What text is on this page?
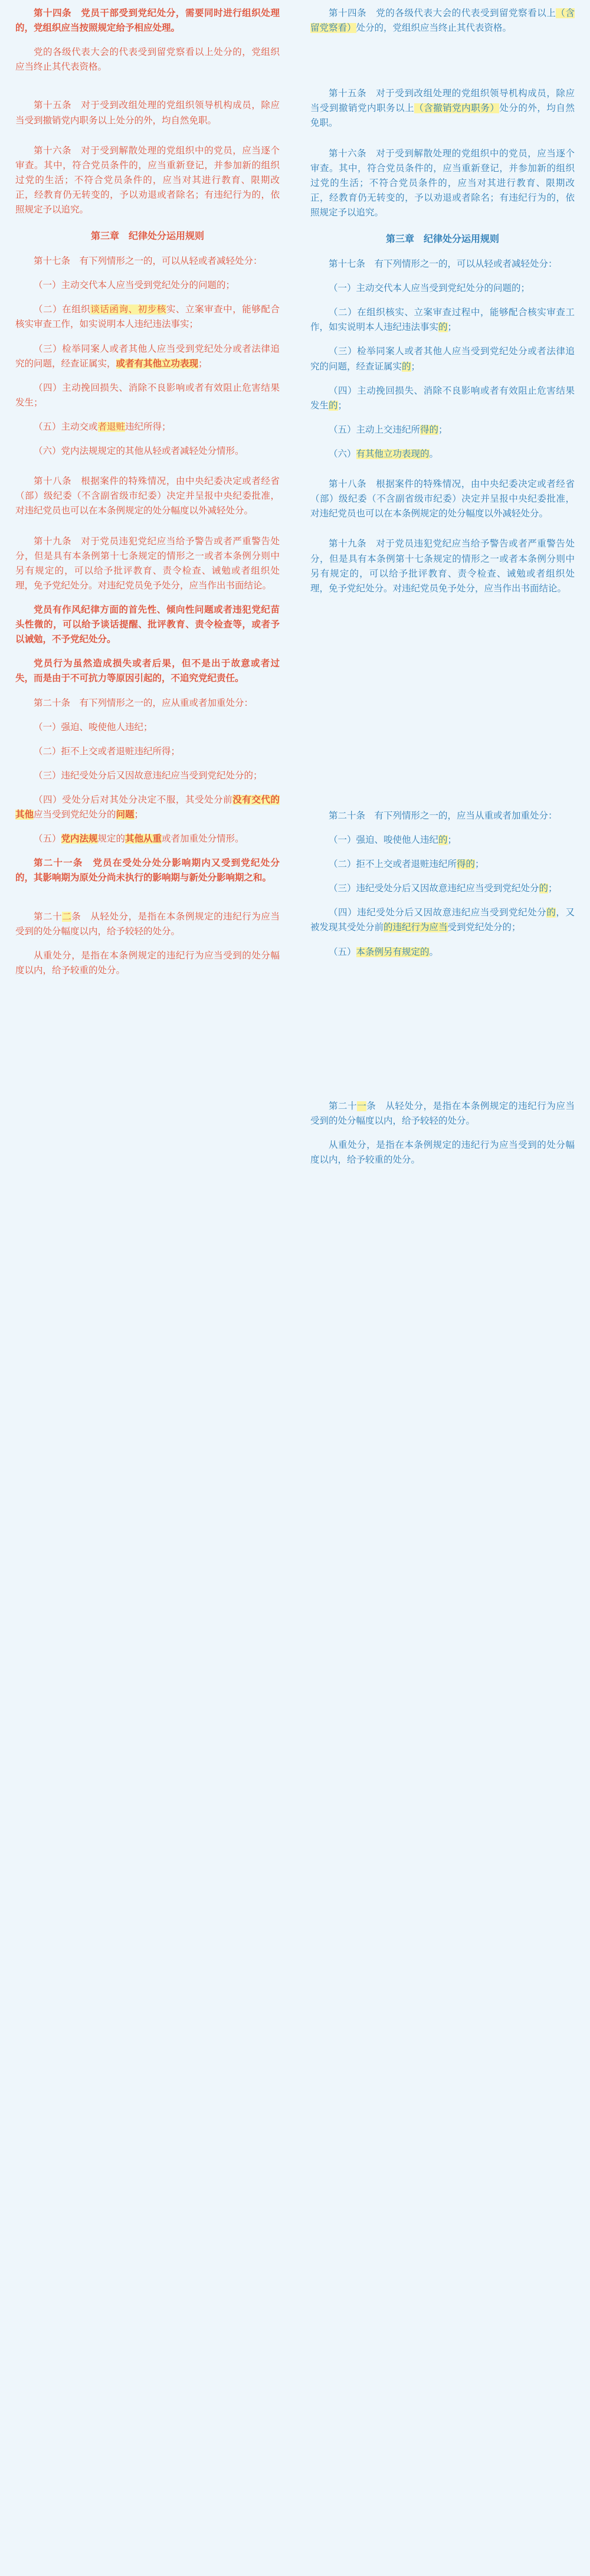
第十四条　党员干部受到党纪处分，需要同时进行组织处理的，党组织应当按照规定给予相应处理。

党的各级代表大会的代表受到留党察看以上处分的，党组织应当终止其代表资格。

第十五条　对于受到改组处理的党组织领导机构成员，除应当受到撤销党内职务以上处分的外，均自然免职。

第十六条　对于受到解散处理的党组织中的党员，应当逐个审查。其中，符合党员条件的，应当重新登记，并参加新的组织过党的生活；不符合党员条件的，应当对其进行教育、限期改正，经教育仍无转变的，予以劝退或者除名；有违纪行为的，依照规定予以追究。

第三章　纪律处分运用规则

第十七条　有下列情形之一的，可以从轻或者减轻处分：

（一）主动交代本人应当受到党纪处分的问题的；

（二）在组织谈话函询、初步核实、立案审查中，能够配合核实审查工作，如实说明本人违纪违法事实；

（三）检举同案人或者其他人应当受到党纪处分或者法律追究的问题，经查证属实，或者有其他立功表现；

（四）主动挽回损失、消除不良影响或者有效阻止危害结果发生；

（五）主动交或者退赃违纪所得；

（六）党内法规规定的其他从轻或者减轻处分情形。

第十八条　根据案件的特殊情况，由中央纪委决定或者经省（部）级纪委（不含副省级市纪委）决定并呈报中央纪委批准，对违纪党员也可以在本条例规定的处分幅度以外减轻处分。

第十九条　对于党员违犯党纪应当给予警告或者严重警告处分，但是具有本条例第十七条规定的情形之一或者本条例分则中另有规定的，可以给予批评教育、责令检查、诫勉或者组织处理，免予党纪处分。对违纪党员免予处分，应当作出书面结论。

党员有作风纪律方面的首先性、倾向性问题或者违犯党纪苗头性微的，可以给予谈话提醒、批评教育、责令检查等，或者予以诫勉，不予党纪处分。

党员行为虽然造成损失或者后果，但不是出于故意或者过失，而是由于不可抗力等原因引起的，不追究党纪责任。

第二十条　有下列情形之一的，应从重或者加重处分：

（一）强迫、唆使他人违纪；

（二）拒不上交或者退赃违纪所得；

（三）违纪受处分后又因故意违纪应当受到党纪处分的；

（四）受处分后对其处分决定不服，其受处分前没有交代的其他应当受到党纪处分的问题；

（五）党内法规规定的其他从重或者加重处分情形。

第二十一条　党员在受处分处分影响期内又受到党纪处分的，其影响期为原处分尚未执行的影响期与新处分影响期之和。

第二十二条　从轻处分，是指在本条例规定的违纪行为应当受到的处分幅度以内，给予较轻的处分。

从重处分，是指在本条例规定的违纪行为应当受到的处分幅度以内，给予较重的处分。

第十四条　党的各级代表大会的代表受到留党察看以上（含留党察看）处分的，党组织应当终止其代表资格。

第十五条　对于受到改组处理的党组织领导机构成员，除应当受到撤销党内职务以上（含撤销党内职务）处分的外，均自然免职。

第十六条　对于受到解散处理的党组织中的党员，应当逐个审查。其中，符合党员条件的，应当重新登记，并参加新的组织过党的生活；不符合党员条件的，应当对其进行教育、限期改正，经教育仍无转变的，予以劝退或者除名；有违纪行为的，依照规定予以追究。

第三章　纪律处分运用规则

第十七条　有下列情形之一的，可以从轻或者减轻处分：

（一）主动交代本人应当受到党纪处分的问题的；

（二）在组织核实、立案审查过程中，能够配合核实审查工作，如实说明本人违纪违法事实的；

（三）检举同案人或者其他人应当受到党纪处分或者法律追究的问题，经查证属实的；

（四）主动挽回损失、消除不良影响或者有效阻止危害结果发生的；

（五）主动上交违纪所得的；

（六）有其他立功表现的。

第十八条　根据案件的特殊情况，由中央纪委决定或者经省（部）级纪委（不含副省级市纪委）决定并呈报中央纪委批准，对违纪党员也可以在本条例规定的处分幅度以外减轻处分。

第十九条　对于党员违犯党纪应当给予警告或者严重警告处分，但是具有本条例第十七条规定的情形之一或者本条例分则中另有规定的，可以给予批评教育、责令检查、诫勉或者组织处理，免予党纪处分。对违纪党员免予处分，应当作出书面结论。

第二十条　有下列情形之一的，应当从重或者加重处分：

（一）强迫、唆使他人违纪的；

（二）拒不上交或者退赃违纪所得的；

（三）违纪受处分后又因故意违纪应当受到党纪处分的；

（四）违纪受处分后又因故意违纪应当受到党纪处分的，又被发现其受处分前的违纪行为应当受到党纪处分的；

（五）本条例另有规定的。

第二十一条　从轻处分，是指在本条例规定的违纪行为应当受到的处分幅度以内，给予较轻的处分。

从重处分，是指在本条例规定的违纪行为应当受到的处分幅度以内，给予较重的处分。
